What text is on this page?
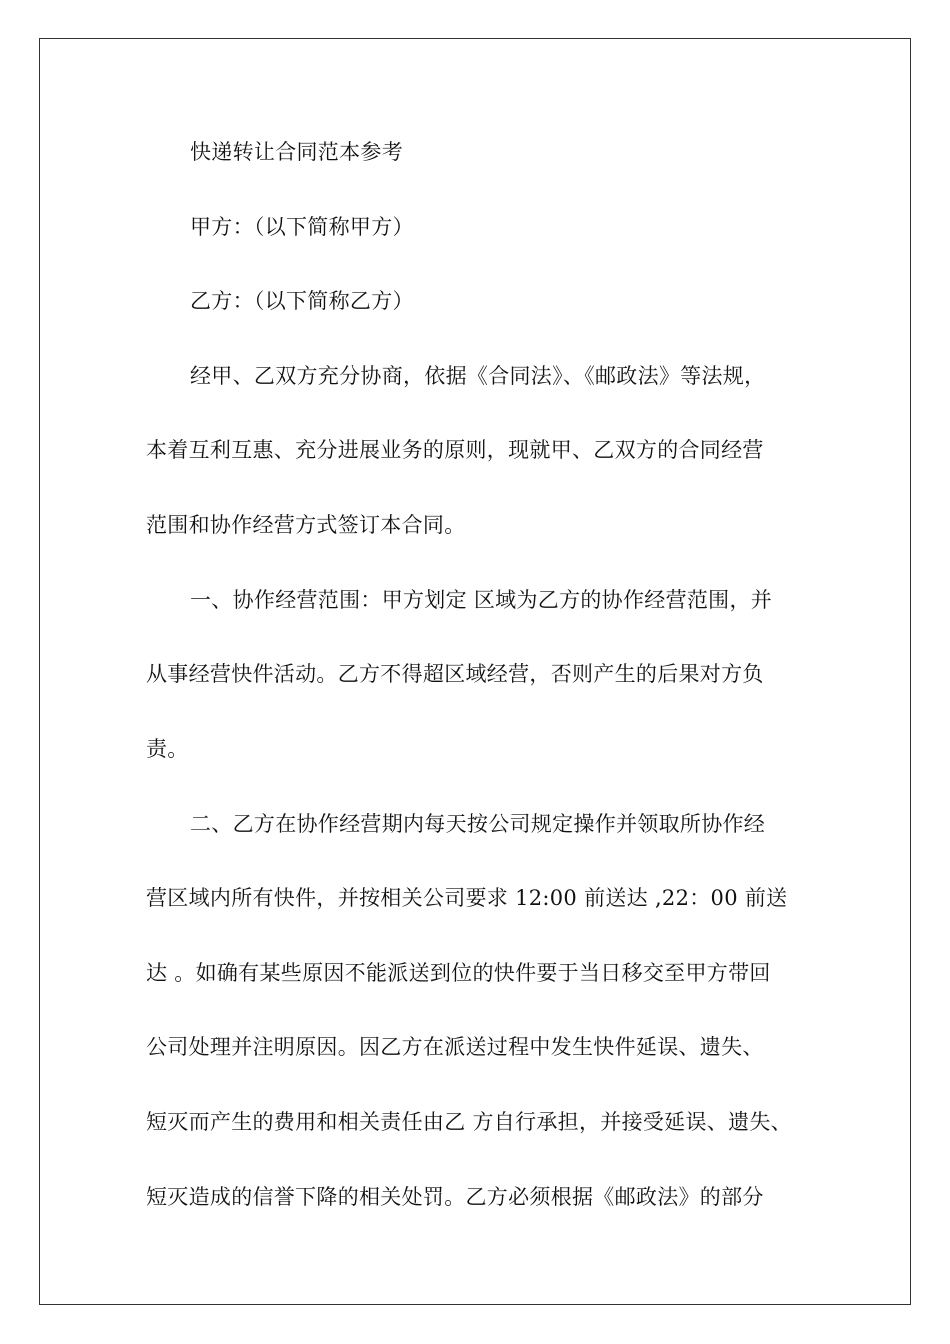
快递转让合同范本参考
甲方：（以下简称甲方）
乙方：（以下简称乙方）
经甲、乙双方充分协商，依据《合同法》、《邮政法》等法规，
本着互利互惠、充分进展业务的原则，现就甲、乙双方的合同经营
范围和协作经营方式签订本合同。
一、协作经营范围：甲方划定 区域为乙方的协作经营范围，并
从事经营快件活动。乙方不得超区域经营，否则产生的后果对方负
责。
二、乙方在协作经营期内每天按公司规定操作并领取所协作经
营区域内所有快件，并按相关公司要求 12:00 前送达 ,22：00 前送
达 。如确有某些原因不能派送到位的快件要于当日移交至甲方带回
公司处理并注明原因。因乙方在派送过程中发生快件延误、遗失、
短灭而产生的费用和相关责任由乙 方自行承担，并接受延误、遗失、
短灭造成的信誉下降的相关处罚。乙方必须根据《邮政法》的部分
